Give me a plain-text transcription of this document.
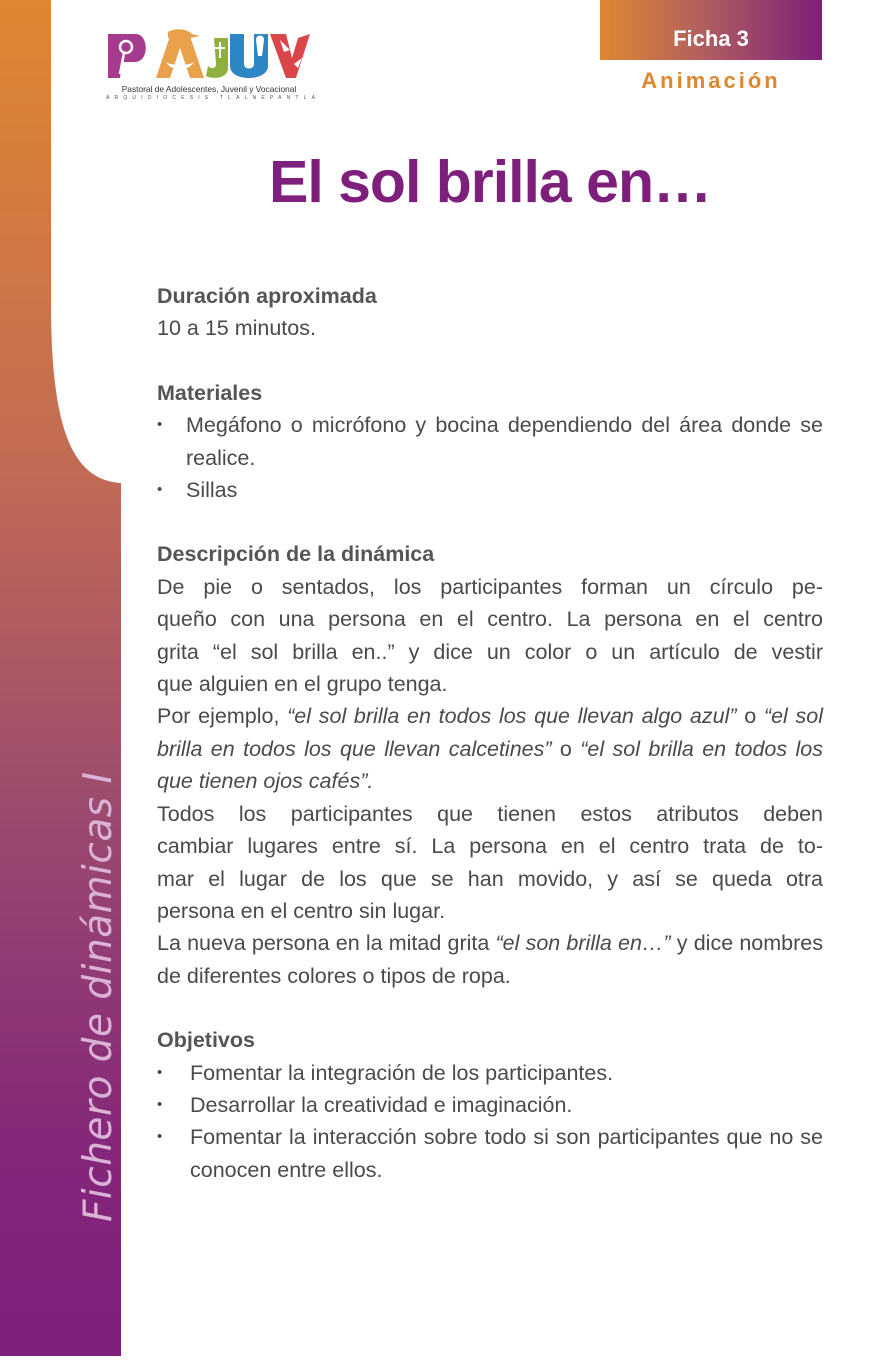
Fichero de dinámicas I
Pastoral de Adolescentes, Juvenil y Vocacional
ARQUIDIOCESIS TLALNEPANTLA
Ficha 3
Animación
El sol brilla en…
Duración aproximada

10 a 15 minutos.

Materiales
• Megáfono o micrófono y bocina dependiendo del área donde se realice.
• Sillas
Descripción de la dinámica

De pie o sentados, los participantes forman un círculo pe-
queño con una persona en el centro. La persona en el centro
grita “el sol brilla en..” y dice un color o un artículo de vestir
que alguien en el grupo tenga.

Por ejemplo, “el sol brilla en todos los que llevan algo azul” o “el sol brilla en todos los que llevan calcetines” o “el sol brilla en todos los que tienen ojos cafés”.

Todos los participantes que tienen estos atributos deben
cambiar lugares entre sí. La persona en el centro trata de to-
mar el lugar de los que se han movido, y así se queda otra
persona en el centro sin lugar.

La nueva persona en la mitad grita “el son brilla en…” y dice nombres de diferentes colores o tipos de ropa.

Objetivos
• Fomentar la integración de los participantes.
• Desarrollar la creatividad e imaginación.
• Fomentar la interacción sobre todo si son participantes que no se conocen entre ellos.
